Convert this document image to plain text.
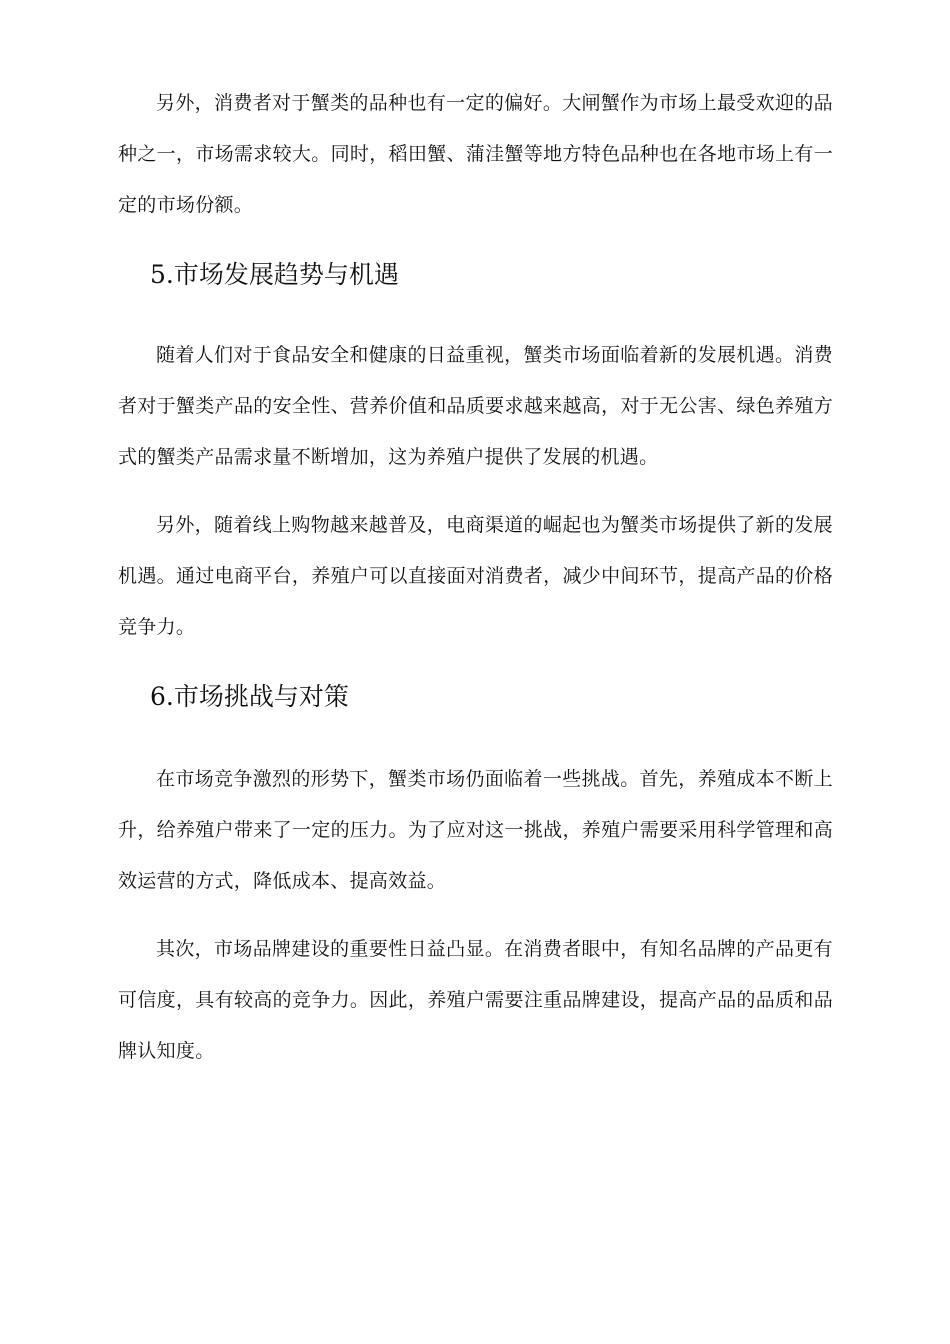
另外，消费者对于蟹类的品种也有一定的偏好。大闸蟹作为市场上最受欢迎的品种之一，市场需求较大。同时，稻田蟹、蒲洼蟹等地方特色品种也在各地市场上有一定的市场份额。

5.市场发展趋势与机遇

随着人们对于食品安全和健康的日益重视，蟹类市场面临着新的发展机遇。消费者对于蟹类产品的安全性、营养价值和品质要求越来越高，对于无公害、绿色养殖方式的蟹类产品需求量不断增加，这为养殖户提供了发展的机遇。

另外，随着线上购物越来越普及，电商渠道的崛起也为蟹类市场提供了新的发展机遇。通过电商平台，养殖户可以直接面对消费者，减少中间环节，提高产品的价格竞争力。

6.市场挑战与对策

在市场竞争激烈的形势下，蟹类市场仍面临着一些挑战。首先，养殖成本不断上升，给养殖户带来了一定的压力。为了应对这一挑战，养殖户需要采用科学管理和高效运营的方式，降低成本、提高效益。

其次，市场品牌建设的重要性日益凸显。在消费者眼中，有知名品牌的产品更有可信度，具有较高的竞争力。因此，养殖户需要注重品牌建设，提高产品的品质和品牌认知度。
